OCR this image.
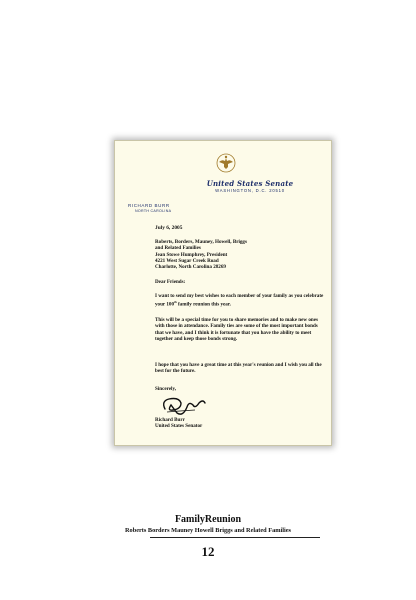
United States Senate
WASHINGTON, D.C. 20510
RICHARD BURR
NORTH CAROLINA
July 6, 2005
Roberts, Borders, Mauney, Howell, Briggs
and Related Families
Jean Stowe Humphrey, President
4221 West Sugar Creek Road
Charlotte, North Carolina 28269
Dear Friends:
I want to send my best wishes to each member of your family as you celebrate your 100th family reunion this year.
This will be a special time for you to share memories and to make new ones with those in attendance. Family ties are some of the most important bonds that we have, and I think it is fortunate that you have the ability to meet together and keep those bonds strong.
I hope that you have a great time at this year's reunion and I wish you all the best for the future.
Sincerely,
Richard Burr
United States Senator
FamilyReunion
Roberts Borders Mauney Howell Briggs and Related Families
12
